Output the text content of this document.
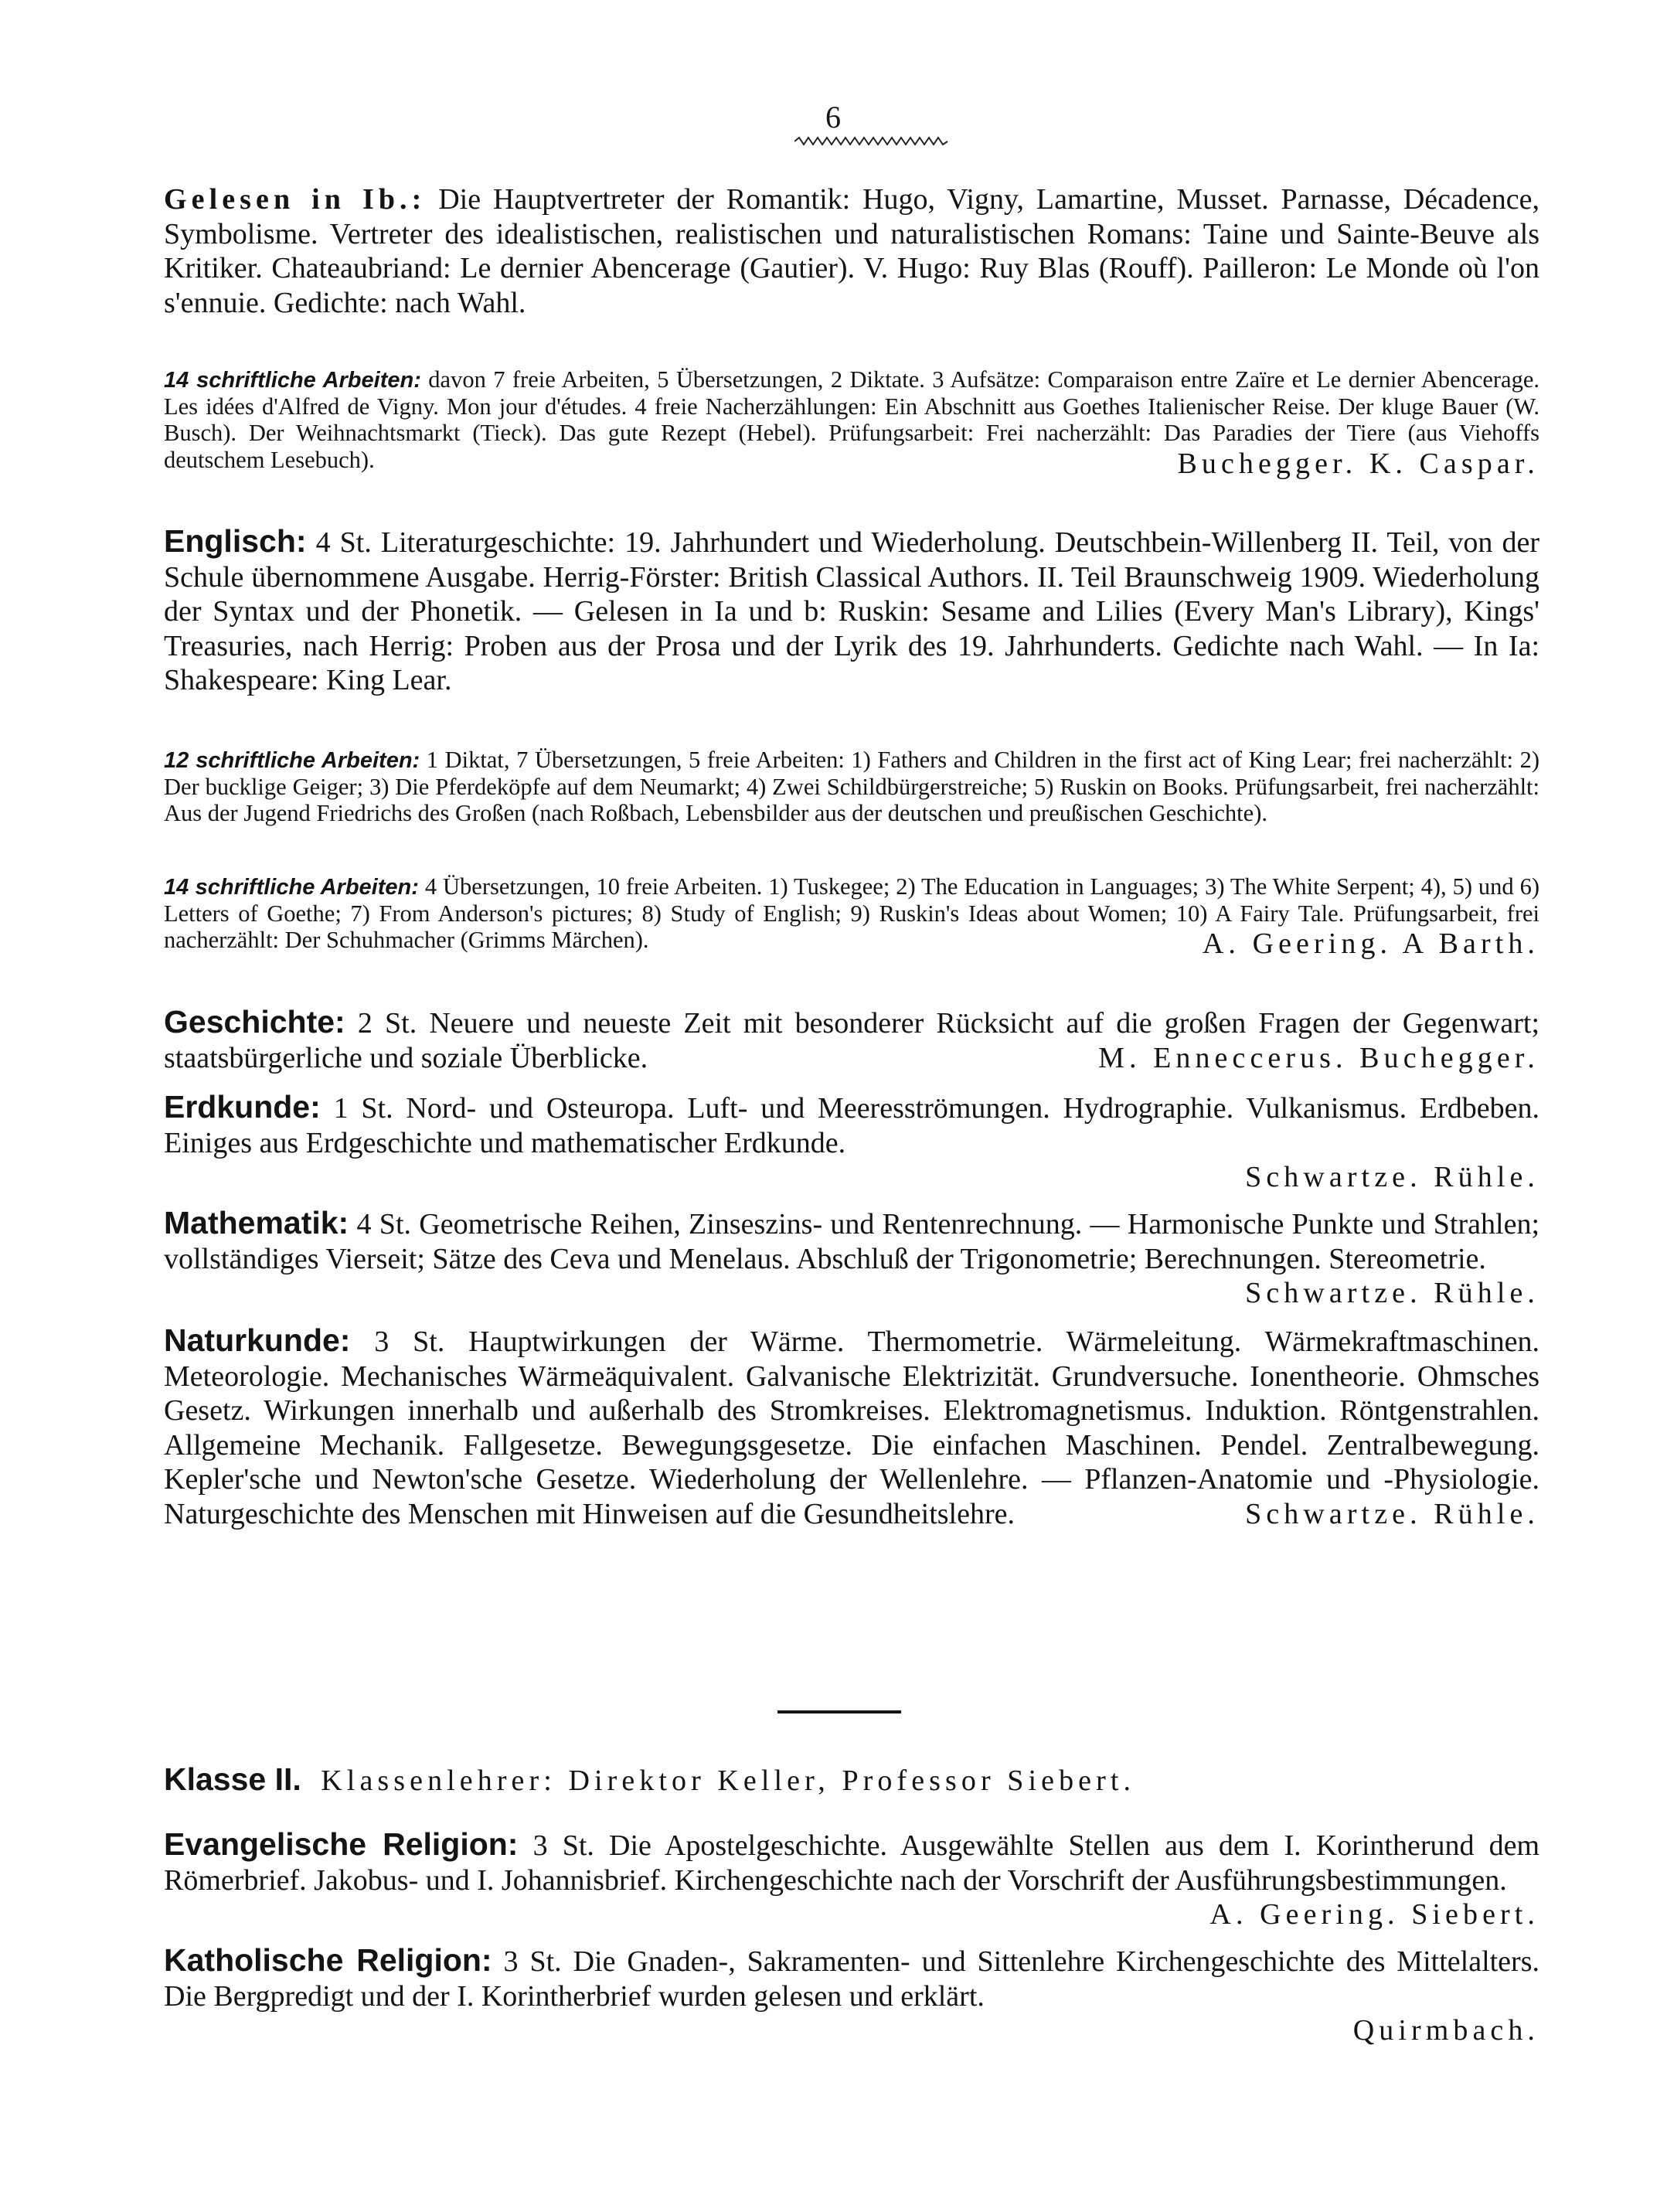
6
Gelesen in Ib.: Die Hauptvertreter der Romantik: Hugo, Vigny, Lamartine, Musset. Parnasse, Décadence, Symbolisme. Vertreter des idealistischen, realistischen und naturalistischen Romans: Taine und Sainte-Beuve als Kritiker. Chateaubriand: Le dernier Abencerage (Gautier). V. Hugo: Ruy Blas (Rouff). Pailleron: Le Monde où l'on s'ennuie. Gedichte: nach Wahl.
14 schriftliche Arbeiten: davon 7 freie Arbeiten, 5 Übersetzungen, 2 Diktate. 3 Aufsätze: Comparaison entre Zaïre et Le dernier Abencerage. Les idées d'Alfred de Vigny. Mon jour d'études. 4 freie Nacherzählungen: Ein Abschnitt aus Goethes Italienischer Reise. Der kluge Bauer (W. Busch). Der Weihnachtsmarkt (Tieck). Das gute Rezept (Hebel). Prüfungsarbeit: Frei nacherzählt: Das Paradies der Tiere (aus Viehoffs deutschem Lesebuch).	Buchegger. K. Caspar.
Englisch: 4 St. Literaturgeschichte: 19. Jahrhundert und Wiederholung. Deutschbein-Willenberg II. Teil, von der Schule übernommene Ausgabe. Herrig-Förster: British Classical Authors. II. Teil Braunschweig 1909. Wiederholung der Syntax und der Phonetik. — Gelesen in Ia und b: Ruskin: Sesame and Lilies (Every Man's Library), Kings' Treasuries, nach Herrig: Proben aus der Prosa und der Lyrik des 19. Jahrhunderts. Gedichte nach Wahl. — In Ia: Shakespeare: King Lear.
12 schriftliche Arbeiten: 1 Diktat, 7 Übersetzungen, 5 freie Arbeiten: 1) Fathers and Children in the first act of King Lear; frei nacherzählt: 2) Der bucklige Geiger; 3) Die Pferdeköpfe auf dem Neumarkt; 4) Zwei Schildbürgerstreiche; 5) Ruskin on Books. Prüfungsarbeit, frei nacherzählt: Aus der Jugend Friedrichs des Großen (nach Roßbach, Lebensbilder aus der deutschen und preußischen Geschichte).
14 schriftliche Arbeiten: 4 Übersetzungen, 10 freie Arbeiten. 1) Tuskegee; 2) The Education in Languages; 3) The White Serpent; 4), 5) und 6) Letters of Goethe; 7) From Anderson's pictures; 8) Study of English; 9) Ruskin's Ideas about Women; 10) A Fairy Tale. Prüfungsarbeit, frei nacherzählt: Der Schuhmacher (Grimms Märchen).	A. Geering. A Barth.
Geschichte: 2 St. Neuere und neueste Zeit mit besonderer Rücksicht auf die großen Fragen der Gegenwart; staatsbürgerliche und soziale Überblicke.	M. Enneccerus. Buchegger.
Erdkunde: 1 St. Nord- und Osteuropa. Luft- und Meeresströmungen. Hydrographie. Vulkanismus. Erdbeben. Einiges aus Erdgeschichte und mathematischer Erdkunde.
Schwartze. Rühle.
Mathematik: 4 St. Geometrische Reihen, Zinseszins- und Rentenrechnung. — Harmonische Punkte und Strahlen; vollständiges Vierseit; Sätze des Ceva und Menelaus. Abschluß der Trigonometrie; Berechnungen. Stereometrie.
Schwartze. Rühle.
Naturkunde: 3 St. Hauptwirkungen der Wärme. Thermometrie. Wärmeleitung. Wärmekraftmaschinen. Meteorologie. Mechanisches Wärmeäquivalent. Galvanische Elektrizität. Grundversuche. Ionentheorie. Ohmsches Gesetz. Wirkungen innerhalb und außerhalb des Stromkreises. Elektromagnetismus. Induktion. Röntgenstrahlen. Allgemeine Mechanik. Fallgesetze. Bewegungsgesetze. Die einfachen Maschinen. Pendel. Zentralbewegung. Kepler'sche und Newton'sche Gesetze. Wiederholung der Wellenlehre. — Pflanzen-Anatomie und -Physiologie. Naturgeschichte des Menschen mit Hinweisen auf die Gesundheitslehre.	Schwartze. Rühle.
Klasse II. Klassenlehrer: Direktor Keller, Professor Siebert.
Evangelische Religion: 3 St. Die Apostelgeschichte. Ausgewählte Stellen aus dem I. Korintherund dem Römerbrief. Jakobus- und I. Johannisbrief. Kirchengeschichte nach der Vorschrift der Ausführungsbestimmungen.
A. Geering. Siebert.
Katholische Religion: 3 St. Die Gnaden-, Sakramenten- und Sittenlehre Kirchengeschichte des Mittelalters. Die Bergpredigt und der I. Korintherbrief wurden gelesen und erklärt.
Quirmbach.
